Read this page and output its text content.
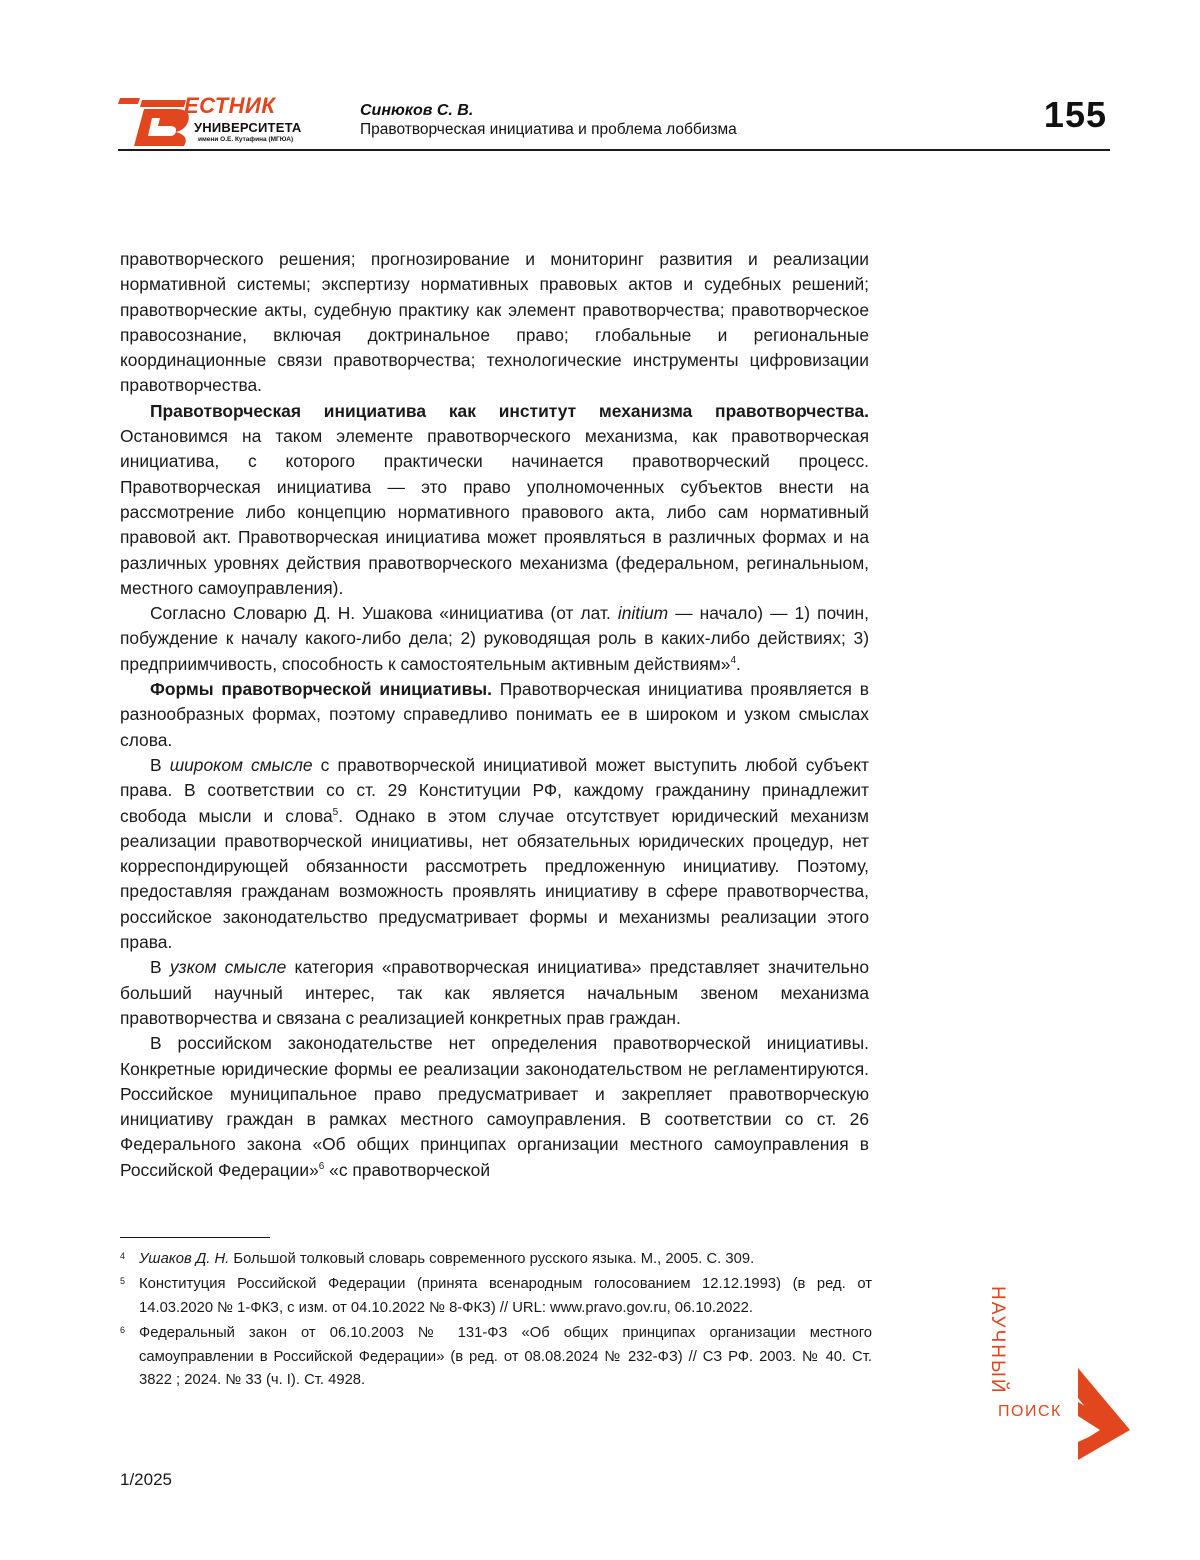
ЕСТНИК
УНИВЕРСИТЕТА
имени О.Е. Кутафина (МГЮА)
Синюков С. В.
Правотворческая инициатива и проблема лоббизма	155

правотворческого решения; прогнозирование и мониторинг развития и реализации нормативной системы; экспертизу нормативных правовых актов и судебных решений; правотворческие акты, судебную практику как элемент правотворчества; правотворческое правосознание, включая доктринальное право; глобальные и региональные координационные связи правотворчества; технологические инструменты цифровизации правотворчества.

Правотворческая инициатива как институт механизма правотворчества. Остановимся на таком элементе правотворческого механизма, как правотворческая инициатива, с которого практически начинается правотворческий процесс. Правотворческая инициатива — это право уполномоченных субъектов внести на рассмотрение либо концепцию нормативного правового акта, либо сам нормативный правовой акт. Правотворческая инициатива может проявляться в различных формах и на различных уровнях действия правотворческого механизма (федеральном, регинальныом, местного самоуправления).

Согласно Словарю Д. Н. Ушакова «инициатива (от лат. initium — начало) — 1) почин, побуждение к началу какого-либо дела; 2) руководящая роль в каких-либо действиях; 3) предприимчивость, способность к самостоятельным активным действиям»4.

Формы правотворческой инициативы. Правотворческая инициатива проявляется в разнообразных формах, поэтому справедливо понимать ее в широком и узком смыслах слова.

В широком смысле с правотворческой инициативой может выступить любой субъект права. В соответствии со ст. 29 Конституции РФ, каждому гражданину принадлежит свобода мысли и слова5. Однако в этом случае отсутствует юридический механизм реализации правотворческой инициативы, нет обязательных юридических процедур, нет корреспондирующей обязанности рассмотреть предложенную инициативу. Поэтому, предоставляя гражданам возможность проявлять инициативу в сфере правотворчества, российское законодательство предусматривает формы и механизмы реализации этого права.

В узком смысле категория «правотворческая инициатива» представляет значительно больший научный интерес, так как является начальным звеном механизма правотворчества и связана с реализацией конкретных прав граждан.

В российском законодательстве нет определения правотворческой инициативы. Конкретные юридические формы ее реализации законодательством не регламентируются. Российское муниципальное право предусматривает и закрепляет правотворческую инициативу граждан в рамках местного самоуправления. В соответствии со ст. 26 Федерального закона «Об общих принципах организации местного самоуправления в Российской Федерации»6 «с правотворческой

4 Ушаков Д. Н. Большой толковый словарь современного русского языка. М., 2005. С. 309.
5 Конституция Российской Федерации (принята всенародным голосованием 12.12.1993) (в ред. от 14.03.2020 № 1-ФКЗ, с изм. от 04.10.2022 № 8-ФКЗ) // URL: www.pravo.gov.ru, 06.10.2022.
6 Федеральный закон от 06.10.2003 № 131-ФЗ «Об общих принципах организации местного самоуправлении в Российской Федерации» (в ред. от 08.08.2024 № 232-ФЗ) // СЗ РФ. 2003. № 40. Ст. 3822 ; 2024. № 33 (ч. I). Ст. 4928.	НАУЧНЫЙ
ПОИСК
1/2025
